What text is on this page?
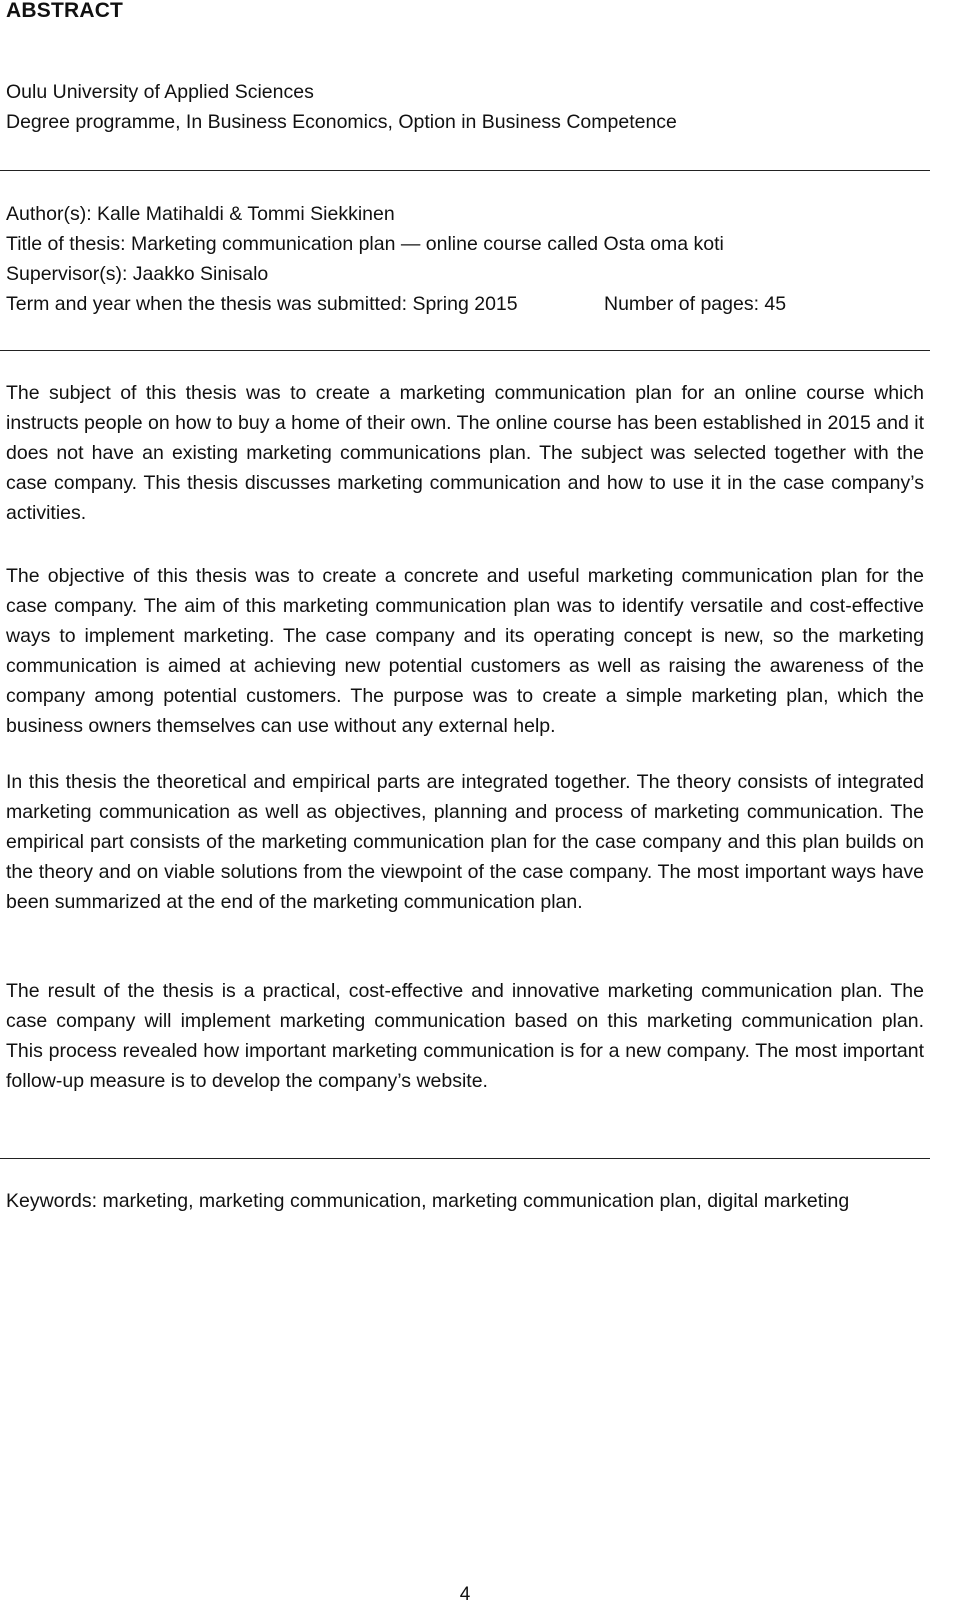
ABSTRACT
Oulu University of Applied Sciences
Degree programme, In Business Economics, Option in Business Competence
Author(s): Kalle Matihaldi & Tommi Siekkinen
Title of thesis: Marketing communication plan — online course called Osta oma koti
Supervisor(s): Jaakko Sinisalo
Term and year when the thesis was submitted: Spring 2015	Number of pages: 45

The subject of this thesis was to create a marketing communication plan for an online course which instructs people on how to buy a home of their own. The online course has been established in 2015 and it does not have an existing marketing communications plan. The subject was selected together with the case company. This thesis discusses marketing communication and how to use it in the case company’s activities.

The objective of this thesis was to create a concrete and useful marketing communication plan for the case company. The aim of this marketing communication plan was to identify versatile and cost-effective ways to implement marketing. The case company and its operating concept is new, so the marketing communication is aimed at achieving new potential customers as well as raising the awareness of the company among potential customers. The purpose was to create a simple marketing plan, which the business owners themselves can use without any external help.

In this thesis the theoretical and empirical parts are integrated together. The theory consists of integrated marketing communication as well as objectives, planning and process of marketing communication. The empirical part consists of the marketing communication plan for the case company and this plan builds on the theory and on viable solutions from the viewpoint of the case company. The most important ways have been summarized at the end of the marketing communication plan.

The result of the thesis is a practical, cost-effective and innovative marketing communication plan. The case company will implement marketing communication based on this marketing communication plan. This process revealed how important marketing communication is for a new company. The most important follow-up measure is to develop the company’s website.

Keywords: marketing, marketing communication, marketing communication plan, digital marketing

4
